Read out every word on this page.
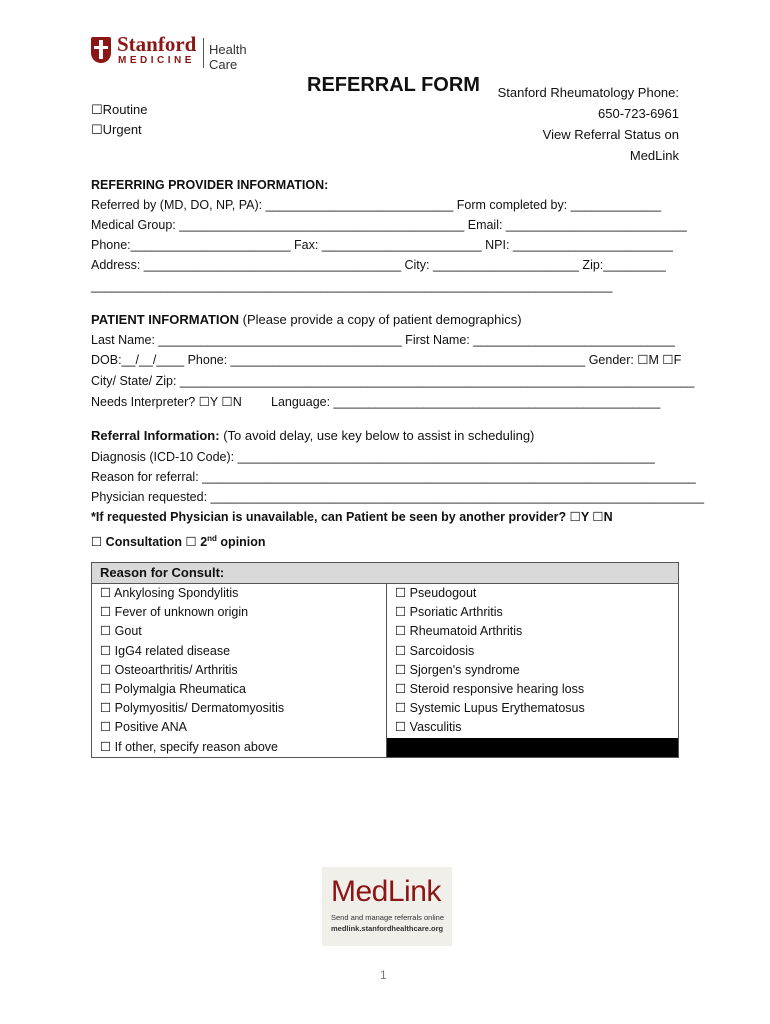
Stanford
MEDICINE
Health Care
REFERRAL FORM Stanford Rheumatology Phone:
650-723-6961
View Referral Status on
MedLink
☐Routine
☐Urgent
REFERRING PROVIDER INFORMATION:
Referred by (MD, DO, NP, PA): ___________________________ Form completed by: _____________
Medical Group: _________________________________________ Email: __________________________
Phone:_______________________ Fax: _______________________ NPI: _______________________
Address: _____________________________________ City: _____________________ Zip:_________
___________________________________________________________________________
PATIENT INFORMATION (Please provide a copy of patient demographics)
Last Name: ___________________________________ First Name: _____________________________
DOB:__/__/____ Phone: ___________________________________________________ Gender: ☐M ☐F
City/ State/ Zip: __________________________________________________________________________
Needs Interpreter? ☐Y ☐N Language: _______________________________________________
Referral Information: (To avoid delay, use key below to assist in scheduling)
Diagnosis (ICD-10 Code): ____________________________________________________________
Reason for referral: _______________________________________________________________________
Physician requested: _______________________________________________________________________
*If requested Physician is unavailable, can Patient be seen by another provider? ☐Y ☐N
☐ Consultation ☐ 2nd opinion
Reason for Consult:

☐ Ankylosing Spondylitis
☐ Fever of unknown origin
☐ Gout
☐ IgG4 related disease
☐ Osteoarthritis/ Arthritis
☐ Polymalgia Rheumatica
☐ Polymyositis/ Dermatomyositis
☐ Positive ANA
☐ If other, specify reason above

☐ Pseudogout
☐ Psoriatic Arthritis
☐ Rheumatoid Arthritis
☐ Sarcoidosis
☐ Sjorgen's syndrome
☐ Steroid responsive hearing loss
☐ Systemic Lupus Erythematosus
☐ Vasculitis
MedLink
Send and manage referrals online
medlink.stanfordhealthcare.org
1
